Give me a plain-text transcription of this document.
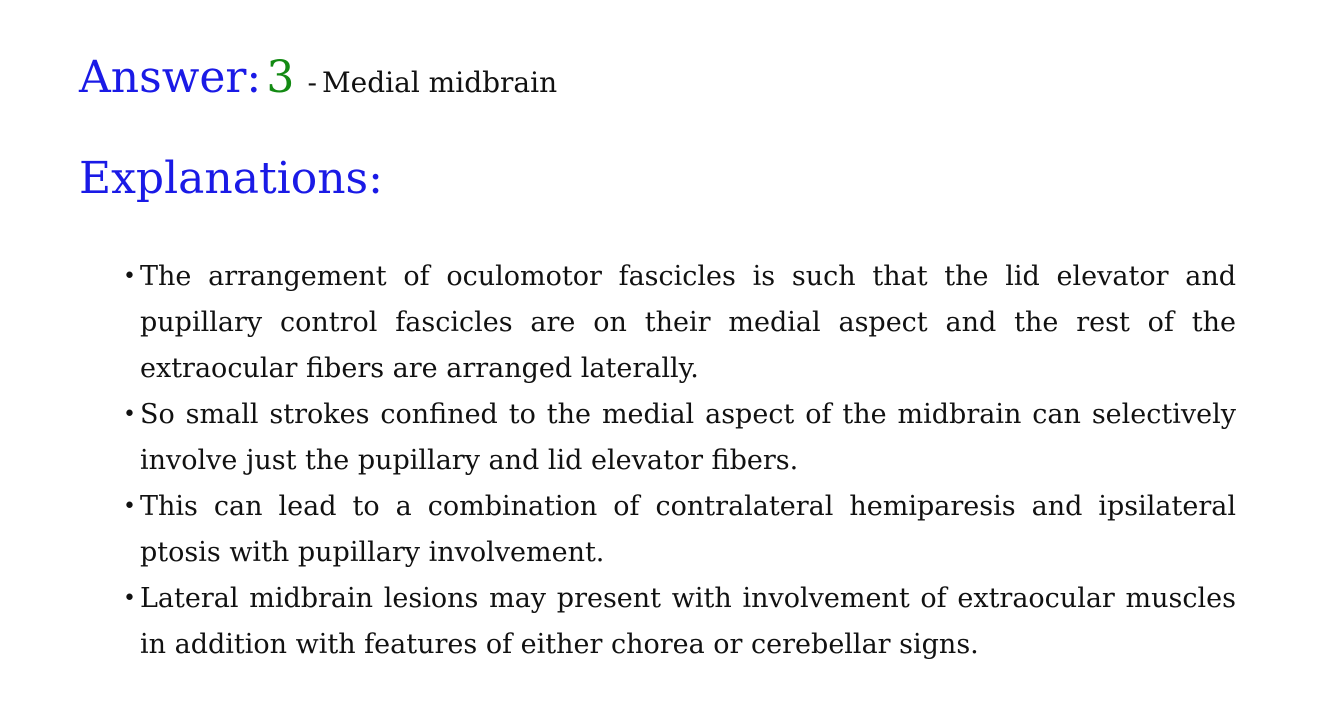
Answer: 3 - Medial midbrain
Explanations:
• The arrangement of oculomotor fascicles is such that the lid elevator and pupillary control fascicles are on their medial aspect and the rest of the extraocular fibers are arranged laterally.
• So small strokes confined to the medial aspect of the midbrain can selectively involve just the pupillary and lid elevator fibers.
• This can lead to a combination of contralateral hemiparesis and ipsilateral ptosis with pupillary involvement.
• Lateral midbrain lesions may present with involvement of extraocular muscles in addition with features of either chorea or cerebellar signs.
